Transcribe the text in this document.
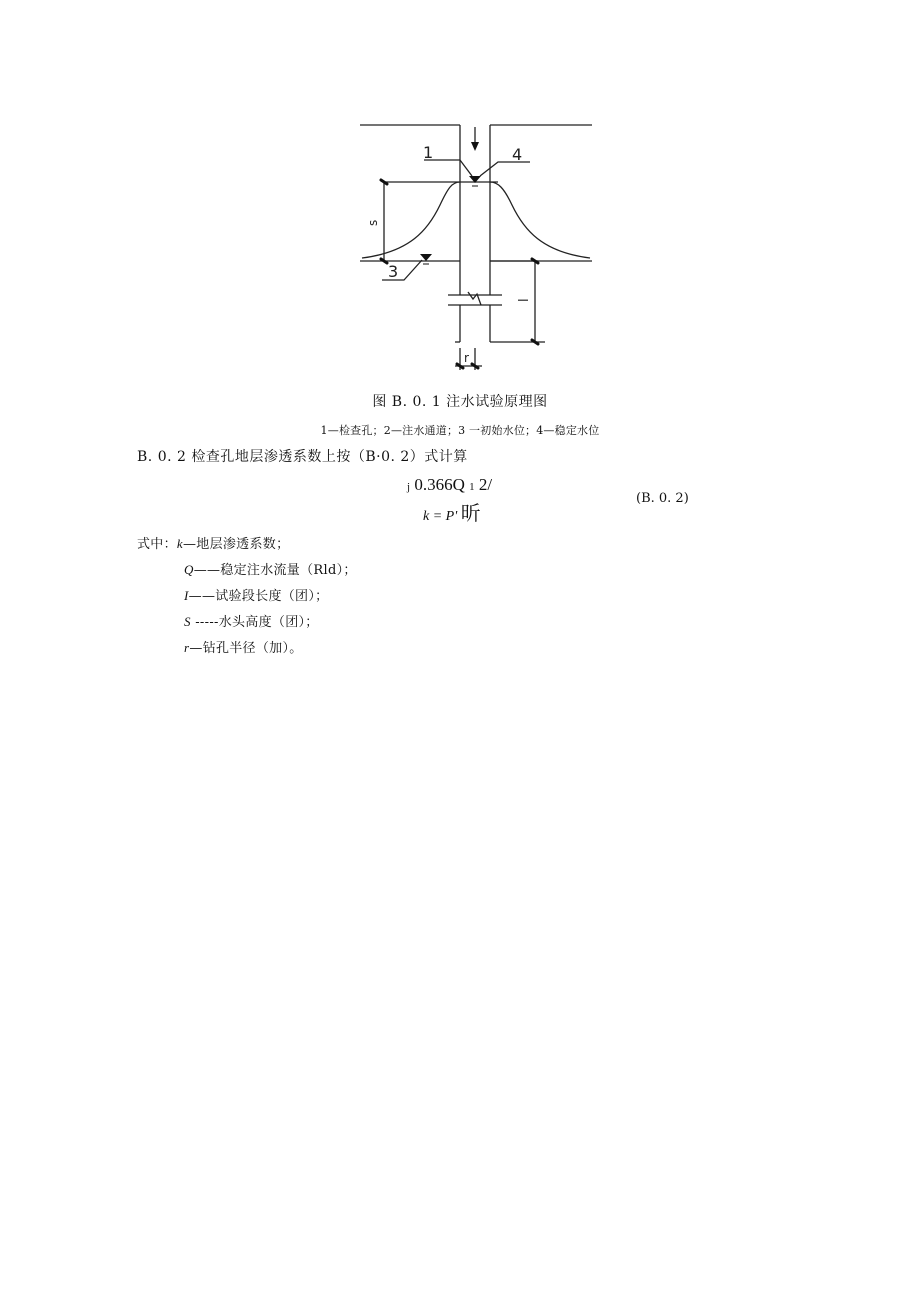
1	4
3
s
l
r
图 B. 0. 1 注水试验原理图
1—检查孔；2—注水通道；3 一初始水位；4—稳定水位
B. 0. 2 检查孔地层渗透系数上按（B·0. 2）式计算
j 0.366Q 1 2/
k = P' 昕
(B. 0. 2)
式中：k—地层渗透系数；
Q——稳定注水流量（Rld）；
I——试验段长度（团）；
S -----水头高度（团）；
r—钻孔半径（加）。
